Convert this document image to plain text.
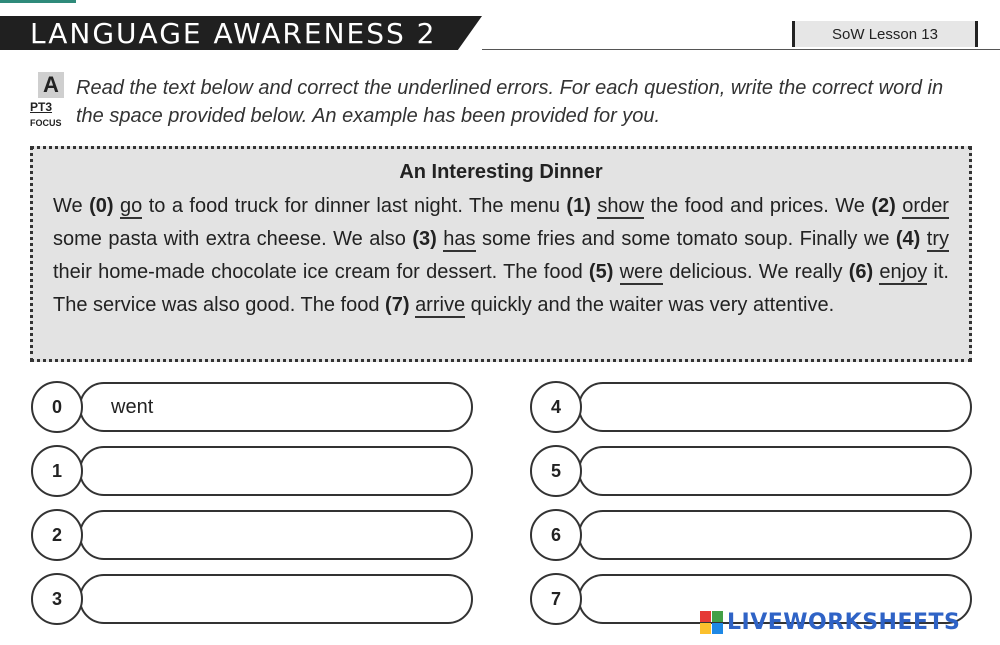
LANGUAGE AWARENESS 2	SoW Lesson 13
A
PT3
FOCUS
Read the text below and correct the underlined errors. For each question, write the correct word in the space provided below. An example has been provided for you.
An Interesting Dinner
We (0) go to a food truck for dinner last night. The menu (1) show the food and prices. We (2) order some pasta with extra cheese. We also (3) has some fries and some tomato soup. Finally we (4) try their home-made chocolate ice cream for dessert. The food (5) were delicious. We really (6) enjoy it. The service was also good. The food (7) arrive quickly and the waiter was very attentive.
went
0
1
2
3
4
5
6
7
LIVEWORKSHEETS
